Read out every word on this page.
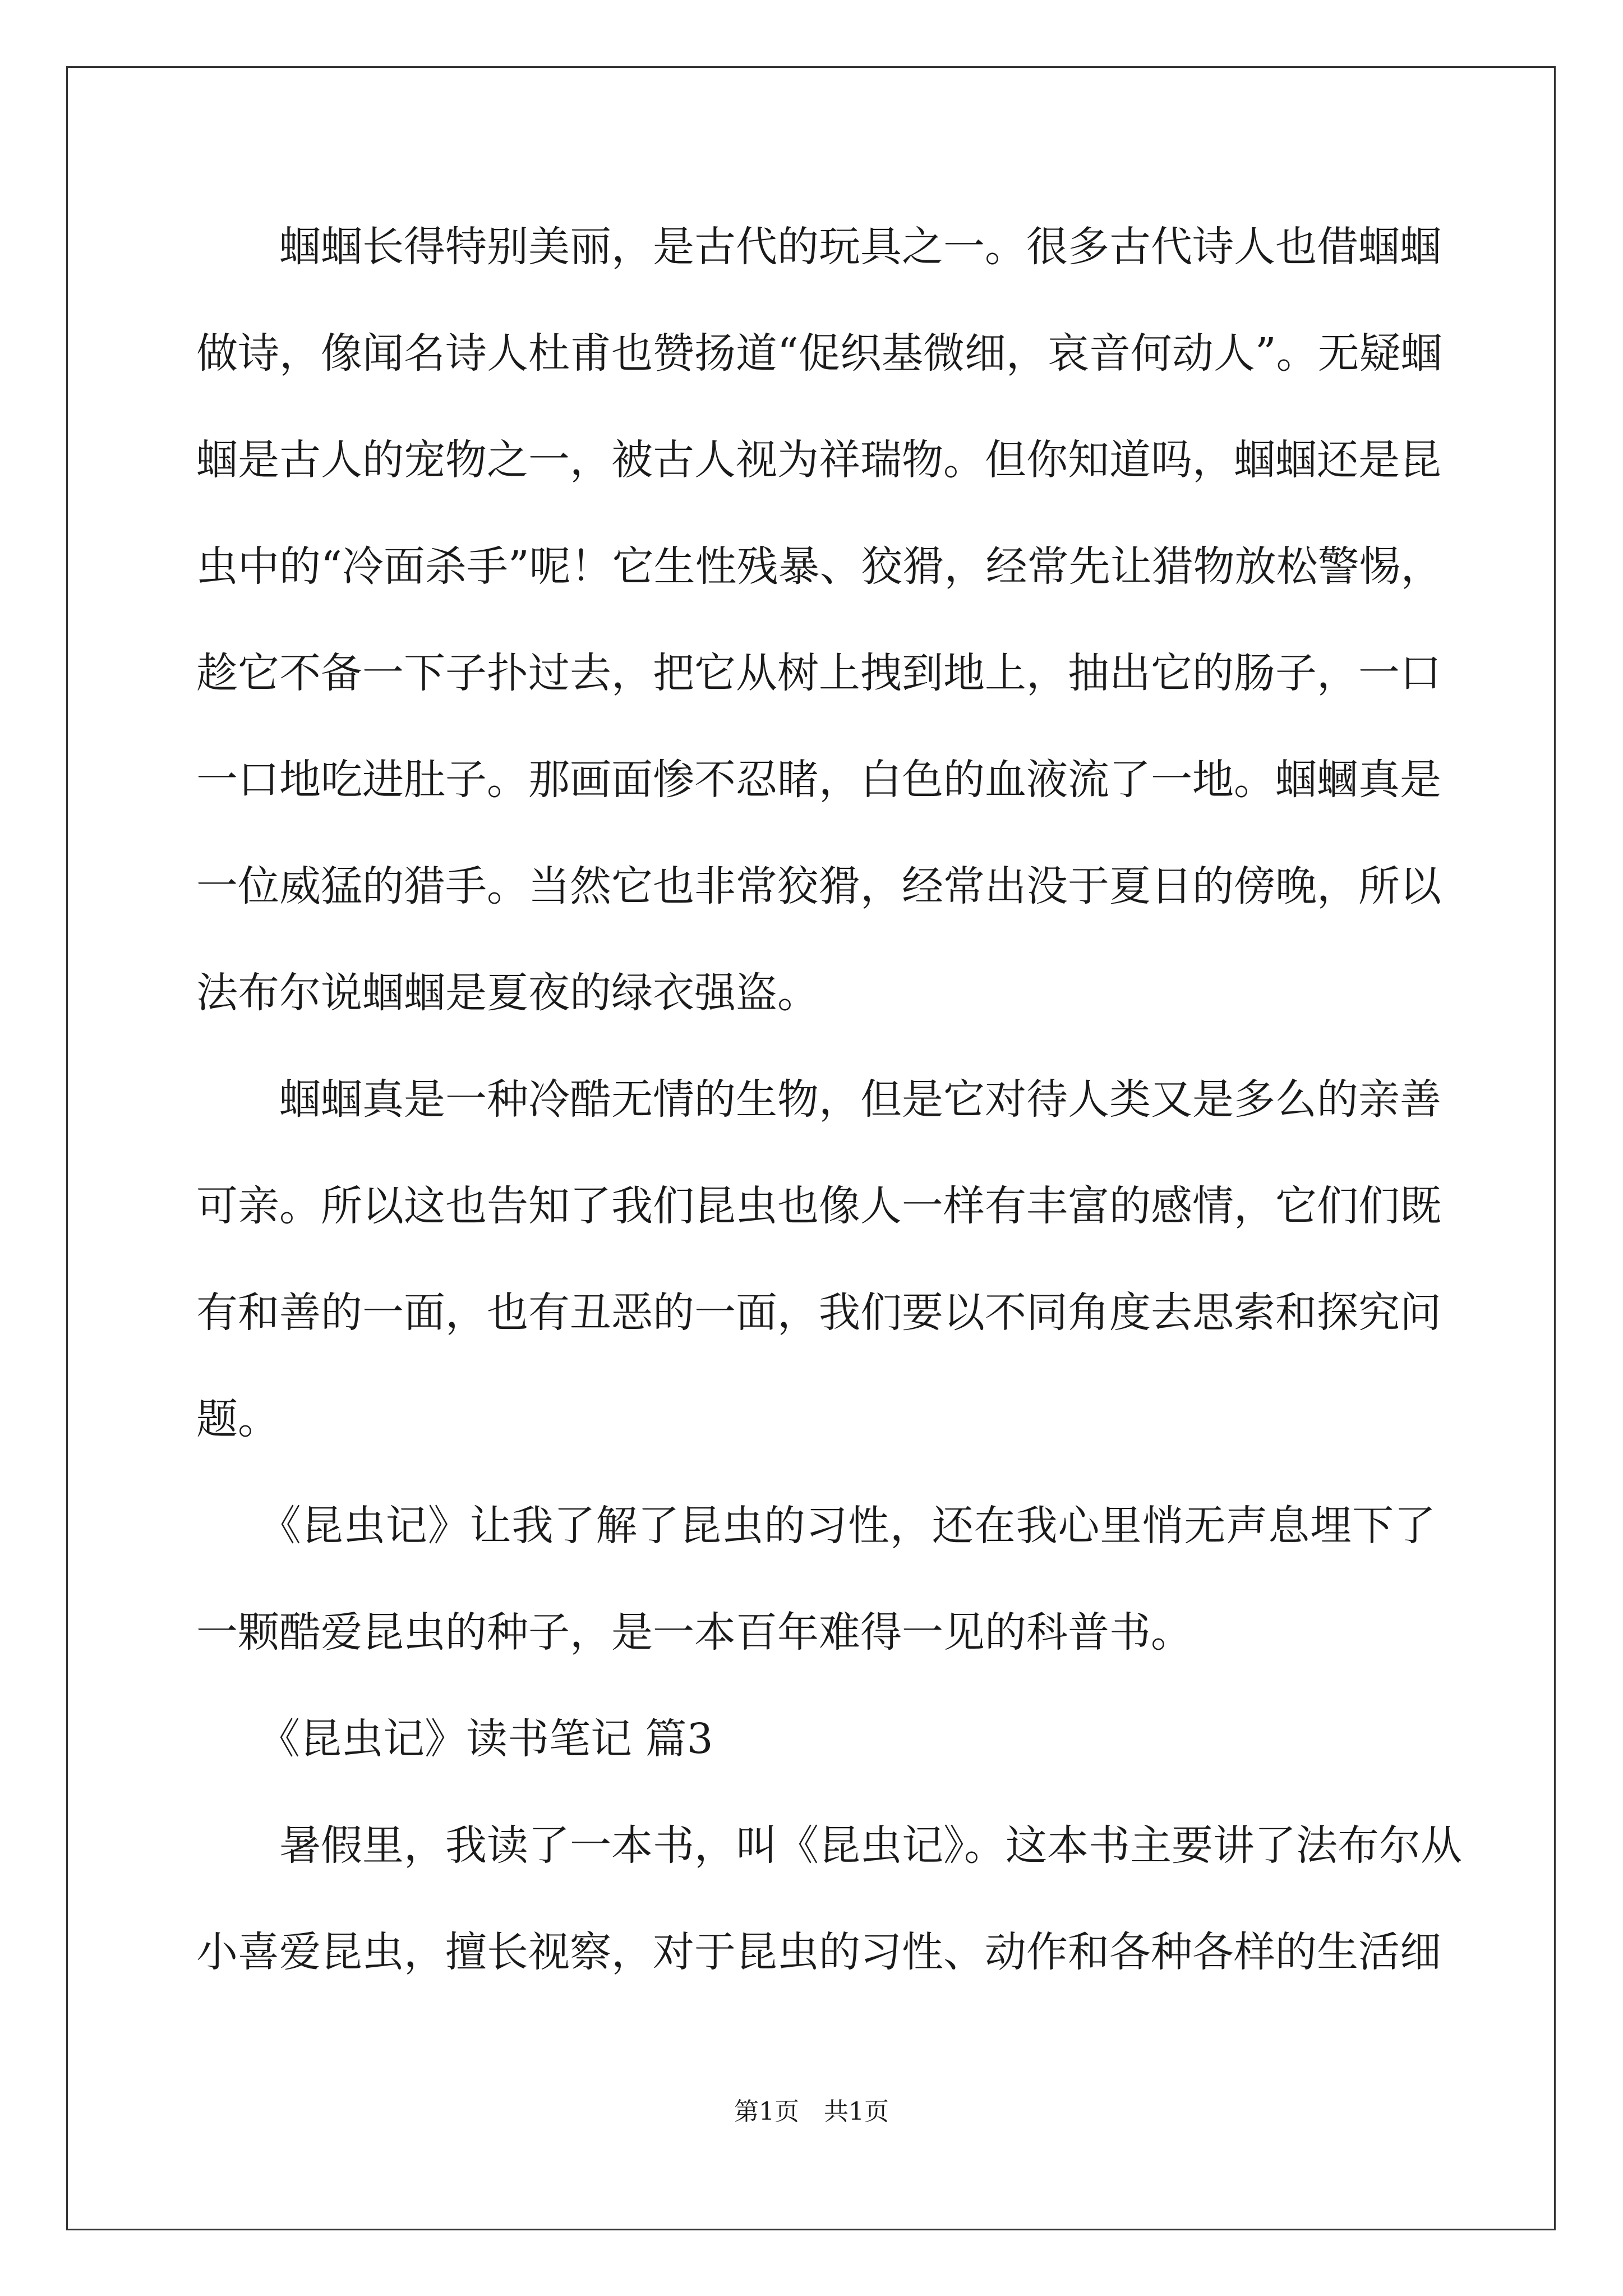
　　蝈蝈长得特别美丽，是古代的玩具之一。很多古代诗人也借蝈蝈
做诗，像闻名诗人杜甫也赞扬道“促织基微细，哀音何动人”。无疑蝈
蝈是古人的宠物之一，被古人视为祥瑞物。但你知道吗，蝈蝈还是昆
虫中的“冷面杀手”呢！它生性残暴、狡猾，经常先让猎物放松警惕，
趁它不备一下子扑过去，把它从树上拽到地上，抽出它的肠子，一口
一口地吃进肚子。那画面惨不忍睹，白色的血液流了一地。蝈蟈真是
一位威猛的猎手。当然它也非常狡猾，经常出没于夏日的傍晚，所以
法布尔说蝈蝈是夏夜的绿衣强盗。
　　蝈蝈真是一种冷酷无情的生物，但是它对待人类又是多么的亲善
可亲。所以这也告知了我们昆虫也像人一样有丰富的感情，它们们既
有和善的一面，也有丑恶的一面，我们要以不同角度去思索和探究问
题。
　　《昆虫记》让我了解了昆虫的习性，还在我心里悄无声息埋下了
一颗酷爱昆虫的种子，是一本百年难得一见的科普书。
　　《昆虫记》读书笔记 篇3
　　暑假里，我读了一本书，叫《昆虫记》。这本书主要讲了法布尔从
小喜爱昆虫，擅长视察，对于昆虫的习性、动作和各种各样的生活细
第1页　共1页
